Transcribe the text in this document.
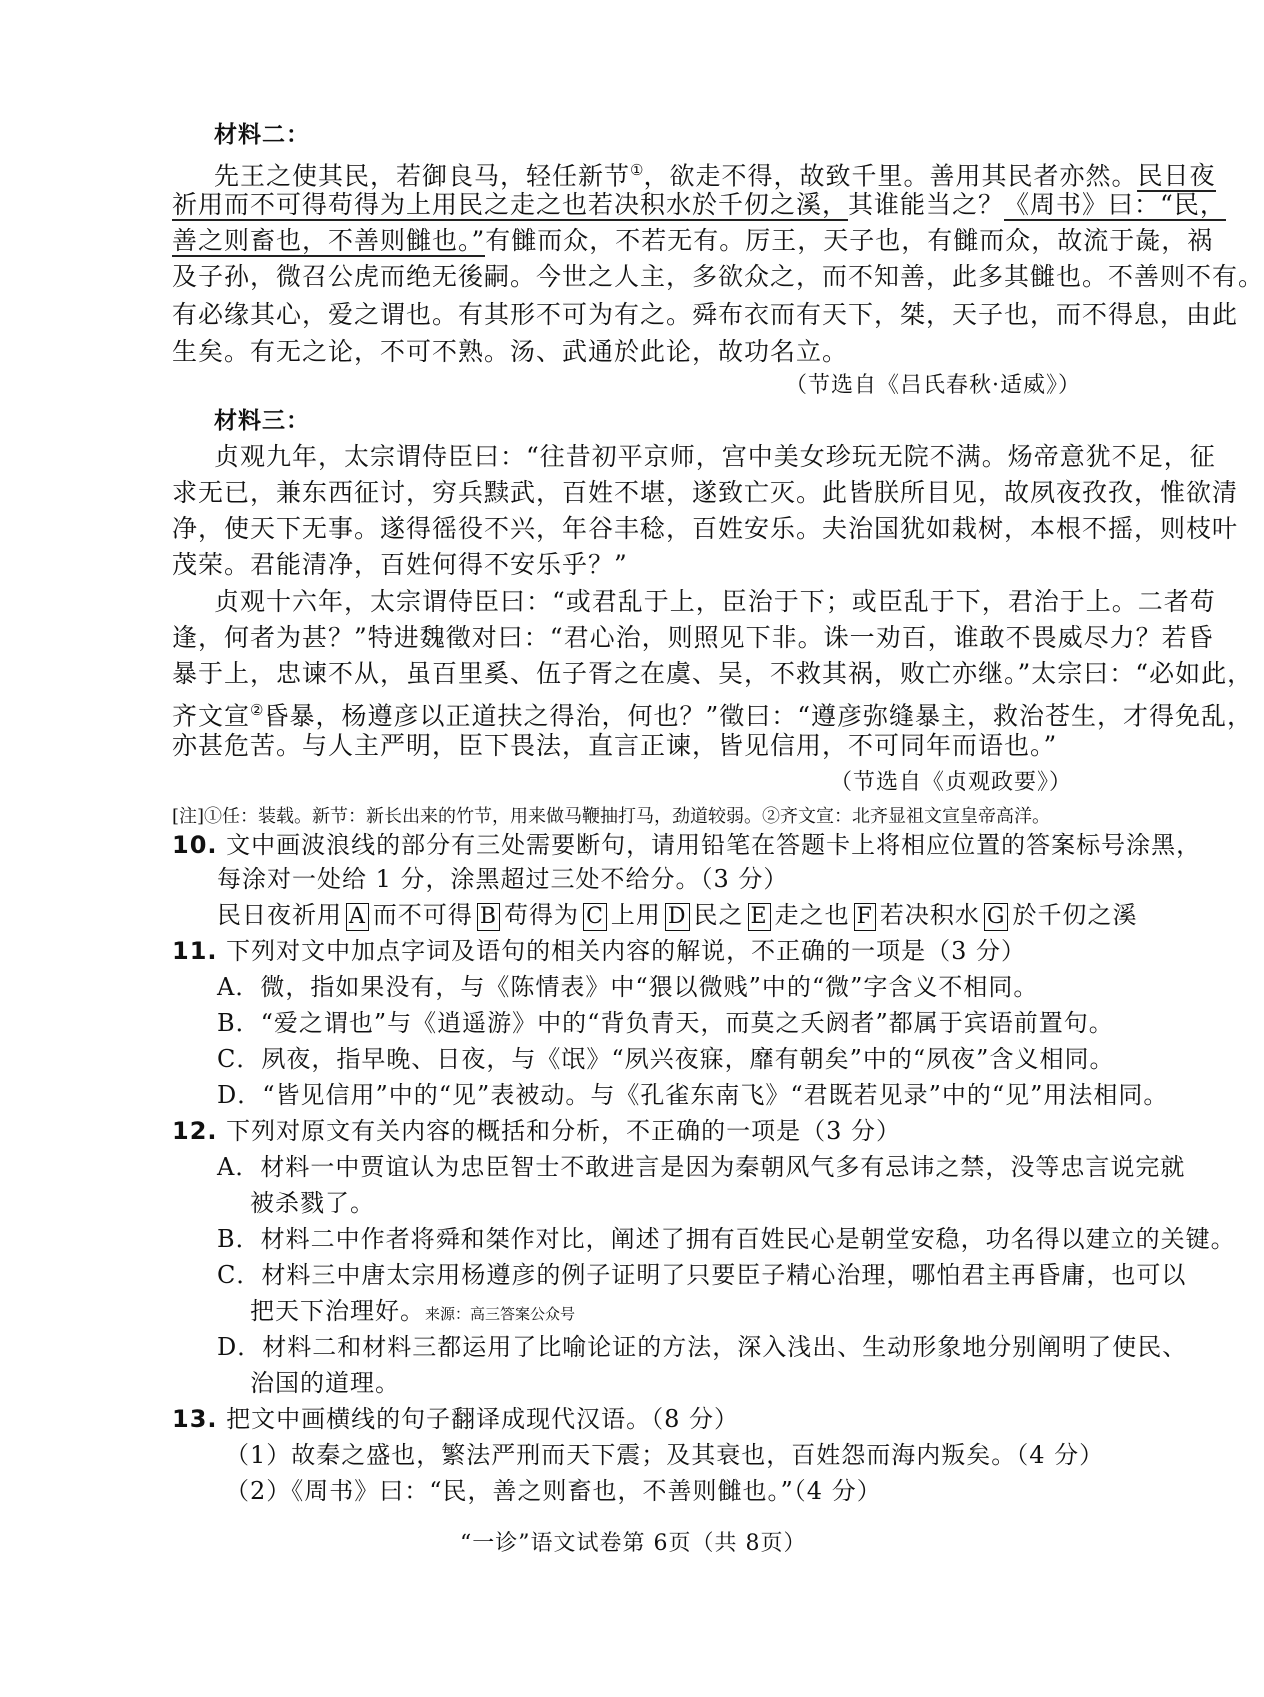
材料二：
先王之使其民，若御良马，轻任新节①，欲走不得，故致千里。善用其民者亦然。民日夜
祈用而不可得苟得为上用民之走之也若决积水於千仞之溪，其谁能当之？《周书》曰：“民，
善之则畜也，不善则雠也。”有雠而众，不若无有。厉王，天子也，有雠而众，故流于彘，祸
及子孙，微召公虎而绝无後嗣。今世之人主，多欲众之，而不知善，此多其雠也。不善则不有。
有必缘其心，爱之谓也。有其形不可为有之。舜布衣而有天下，桀，天子也，而不得息，由此
生矣。有无之论，不可不熟。汤、武通於此论，故功名立。
（节选自《吕氏春秋·适威》）
材料三：
贞观九年，太宗谓侍臣曰：“往昔初平京师，宫中美女珍玩无院不满。炀帝意犹不足，征
求无已，兼东西征讨，穷兵黩武，百姓不堪，遂致亡灭。此皆朕所目见，故夙夜孜孜，惟欲清
净，使天下无事。遂得徭役不兴，年谷丰稔，百姓安乐。夫治国犹如栽树，本根不摇，则枝叶
茂荣。君能清净，百姓何得不安乐乎？”
贞观十六年，太宗谓侍臣曰：“或君乱于上，臣治于下；或臣乱于下，君治于上。二者苟
逢，何者为甚？”特进魏徵对曰：“君心治，则照见下非。诛一劝百，谁敢不畏威尽力？若昏
暴于上，忠谏不从，虽百里奚、伍子胥之在虞、吴，不救其祸，败亡亦继。”太宗曰：“必如此，
齐文宣②昏暴，杨遵彦以正道扶之得治，何也？”徵曰：“遵彦弥缝暴主，救治苍生，才得免乱，
亦甚危苦。与人主严明，臣下畏法，直言正谏，皆见信用，不可同年而语也。”
（节选自《贞观政要》）
[注]①任：装载。新节：新长出来的竹节，用来做马鞭抽打马，劲道较弱。②齐文宣：北齐显祖文宣皇帝高洋。
10. 文中画波浪线的部分有三处需要断句，请用铅笔在答题卡上将相应位置的答案标号涂黑，
每涂对一处给 1 分，涂黑超过三处不给分。（3 分）
民日夜祈用 A 而不可得 B 苟得为 C 上用 D 民之 E 走之也 F 若决积水 G 於千仞之溪
11. 下列对文中加点字词及语句的相关内容的解说，不正确的一项是（3 分）
A．微，指如果没有，与《陈情表》中“猥以微贱”中的“微”字含义不相同。
B．“爱之谓也”与《逍遥游》中的“背负青天，而莫之夭阏者”都属于宾语前置句。
C．夙夜，指早晚、日夜，与《氓》“夙兴夜寐，靡有朝矣”中的“夙夜”含义相同。
D．“皆见信用”中的“见”表被动。与《孔雀东南飞》“君既若见录”中的“见”用法相同。
12. 下列对原文有关内容的概括和分析，不正确的一项是（3 分）
A．材料一中贾谊认为忠臣智士不敢进言是因为秦朝风气多有忌讳之禁，没等忠言说完就
被杀戮了。
B．材料二中作者将舜和桀作对比，阐述了拥有百姓民心是朝堂安稳，功名得以建立的关键。
C．材料三中唐太宗用杨遵彦的例子证明了只要臣子精心治理，哪怕君主再昏庸，也可以
把天下治理好。来源：高三答案公众号
D．材料二和材料三都运用了比喻论证的方法，深入浅出、生动形象地分别阐明了使民、
治国的道理。
13. 把文中画横线的句子翻译成现代汉语。（8 分）
（1）故秦之盛也，繁法严刑而天下震；及其衰也，百姓怨而海内叛矣。（4 分）
（2）《周书》曰：“民，善之则畜也，不善则雠也。”（4 分）
“一诊”语文试卷第 6页（共 8页）
